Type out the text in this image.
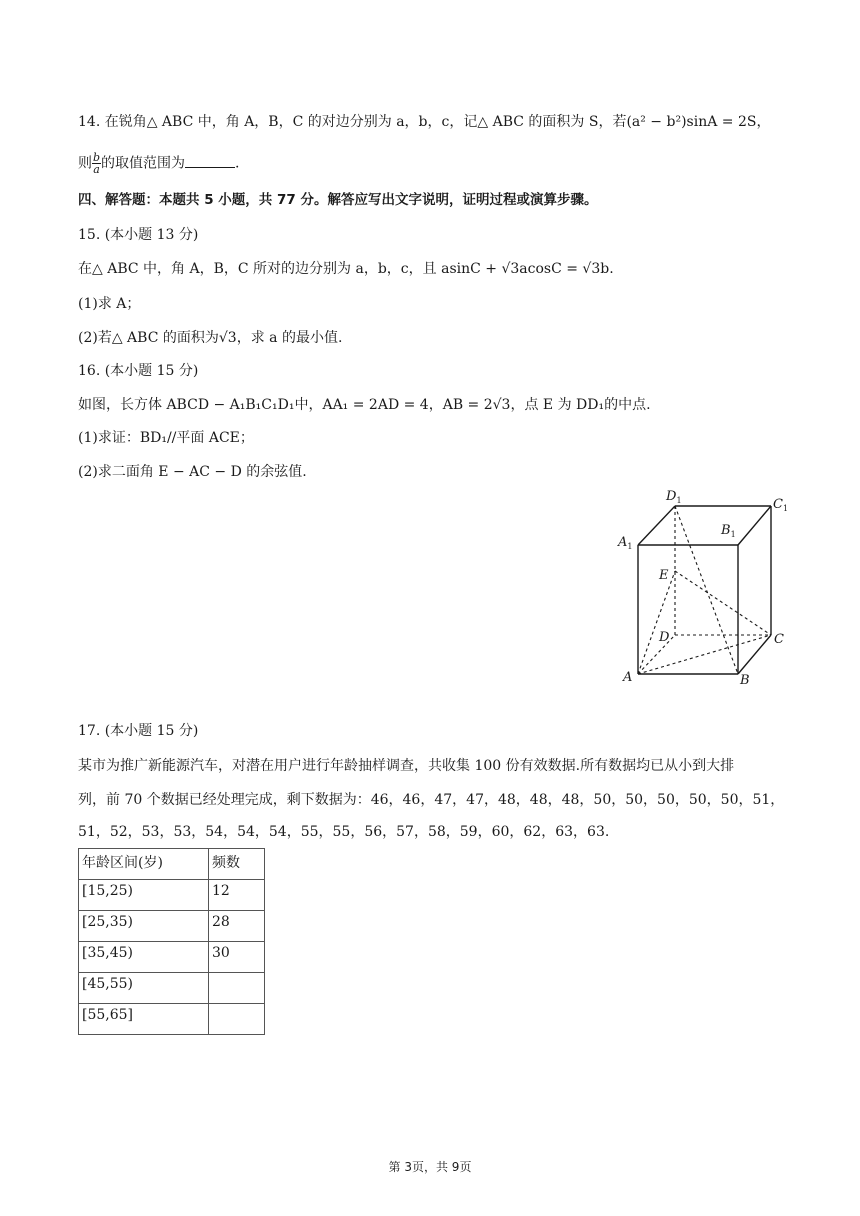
14. 在锐角△ ABC 中，角 A，B，C 的对边分别为 a，b，c，记△ ABC 的面积为 S，若(a² − b²)sinA = 2S，
则 $\frac{b}{a}$ 的取值范围为	.
四、解答题：本题共 5 小题，共 77 分。解答应写出文字说明，证明过程或演算步骤。
15. (本小题 13 分)
在△ ABC 中，角 A，B，C 所对的边分别为 a，b，c，且 asinC + √3acosC = √3b.
(1)求 A；
(2)若△ ABC 的面积为√3，求 a 的最小值.
16. (本小题 15 分)
如图，长方体 ABCD − A₁B₁C₁D₁中，AA₁ = 2AD = 4，AB = 2√3，点 E 为 DD₁的中点.
(1)求证：BD₁//平面 ACE；
(2)求二面角 E − AC − D 的余弦值.
$D_1$	$C_1$
$A_1$
$B_1$
E
D	C
A	B
17. (本小题 15 分)
某市为推广新能源汽车，对潜在用户进行年龄抽样调查，共收集 100 份有效数据.所有数据均已从小到大排
列，前 70 个数据已经处理完成，剩下数据为：46，46，47，47，48，48，48，50，50，50，50，50，51，
51，52，53，53，54，54，54，55，55，56，57，58，59，60，62，63，63.
年龄区间(岁)	频数
[15,25)	12
[25,35)	28
[35,45)	30
[45,55)	
[55,65]	
第 3页，共 9页
